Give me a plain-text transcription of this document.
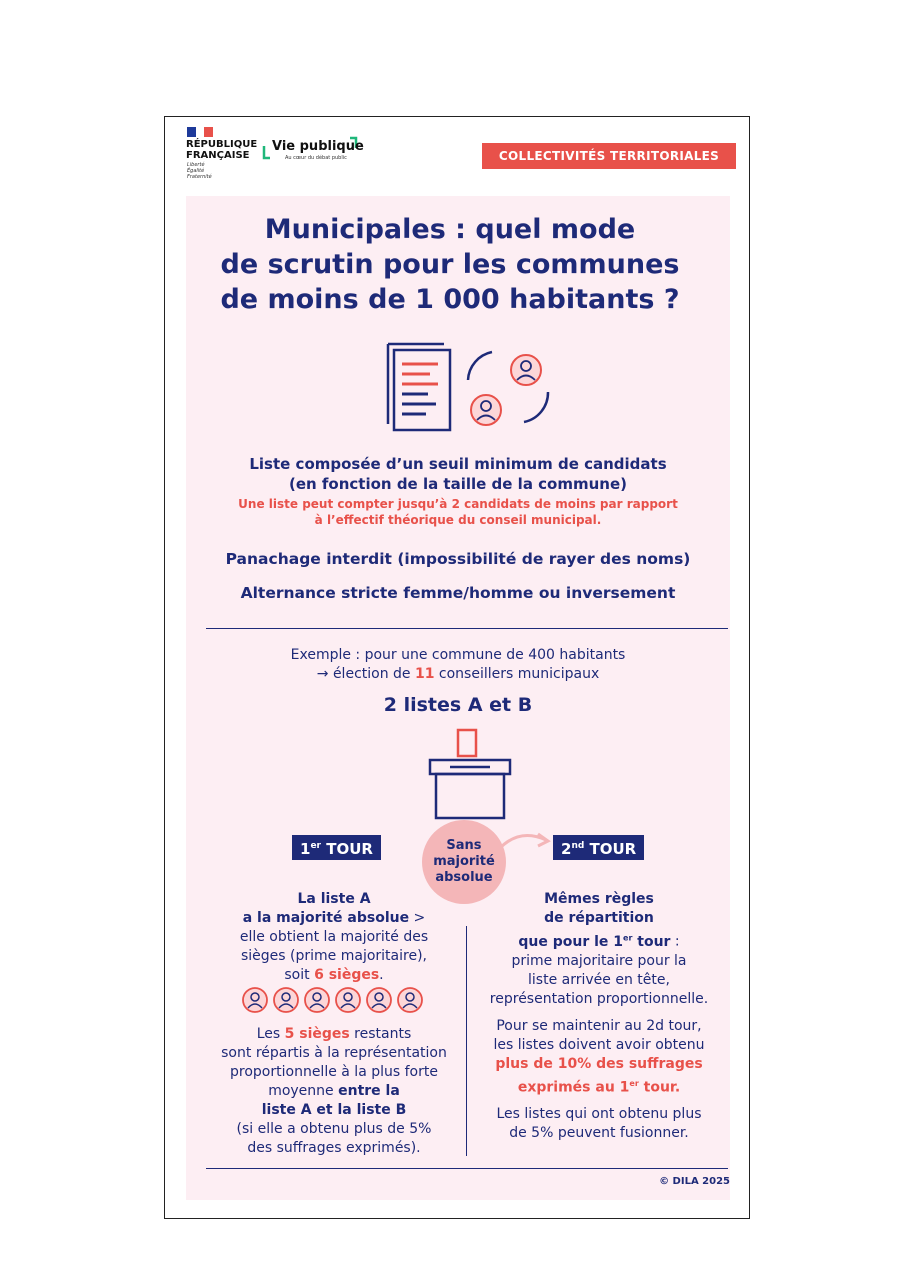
RÉPUBLIQUE
FRANÇAISE
Liberté
Égalité
Fraternité
Vie publique
Au cœur du débat public	COLLECTIVITÉS TERRITORIALES
Municipales : quel mode
de scrutin pour les communes
de moins de 1 000 habitants ?
Liste composée d’un seuil minimum de candidats
(en fonction de la taille de la commune)
Une liste peut compter jusqu’à 2 candidats de moins par rapport
à l’effectif théorique du conseil municipal.
Panachage interdit (impossibilité de rayer des noms)
Alternance stricte femme/homme ou inversement
Exemple : pour une commune de 400 habitants
→ élection de 11 conseillers municipaux
2 listes A et B
1er TOUR	2nd TOUR
Sans
majorité
absolue
La liste A
a la majorité absolue >
elle obtient la majorité des
sièges (prime majoritaire),
soit 6 sièges.
Les 5 sièges restants
sont répartis à la représentation
proportionnelle à la plus forte
moyenne entre la
liste A et la liste B
(si elle a obtenu plus de 5%
des suffrages exprimés).
Mêmes règles
de répartition
que pour le 1er tour :
prime majoritaire pour la
liste arrivée en tête,
représentation proportionnelle.
Pour se maintenir au 2d tour,
les listes doivent avoir obtenu
plus de 10% des suffrages
exprimés au 1er tour.
Les listes qui ont obtenu plus
de 5% peuvent fusionner.
© DILA 2025
